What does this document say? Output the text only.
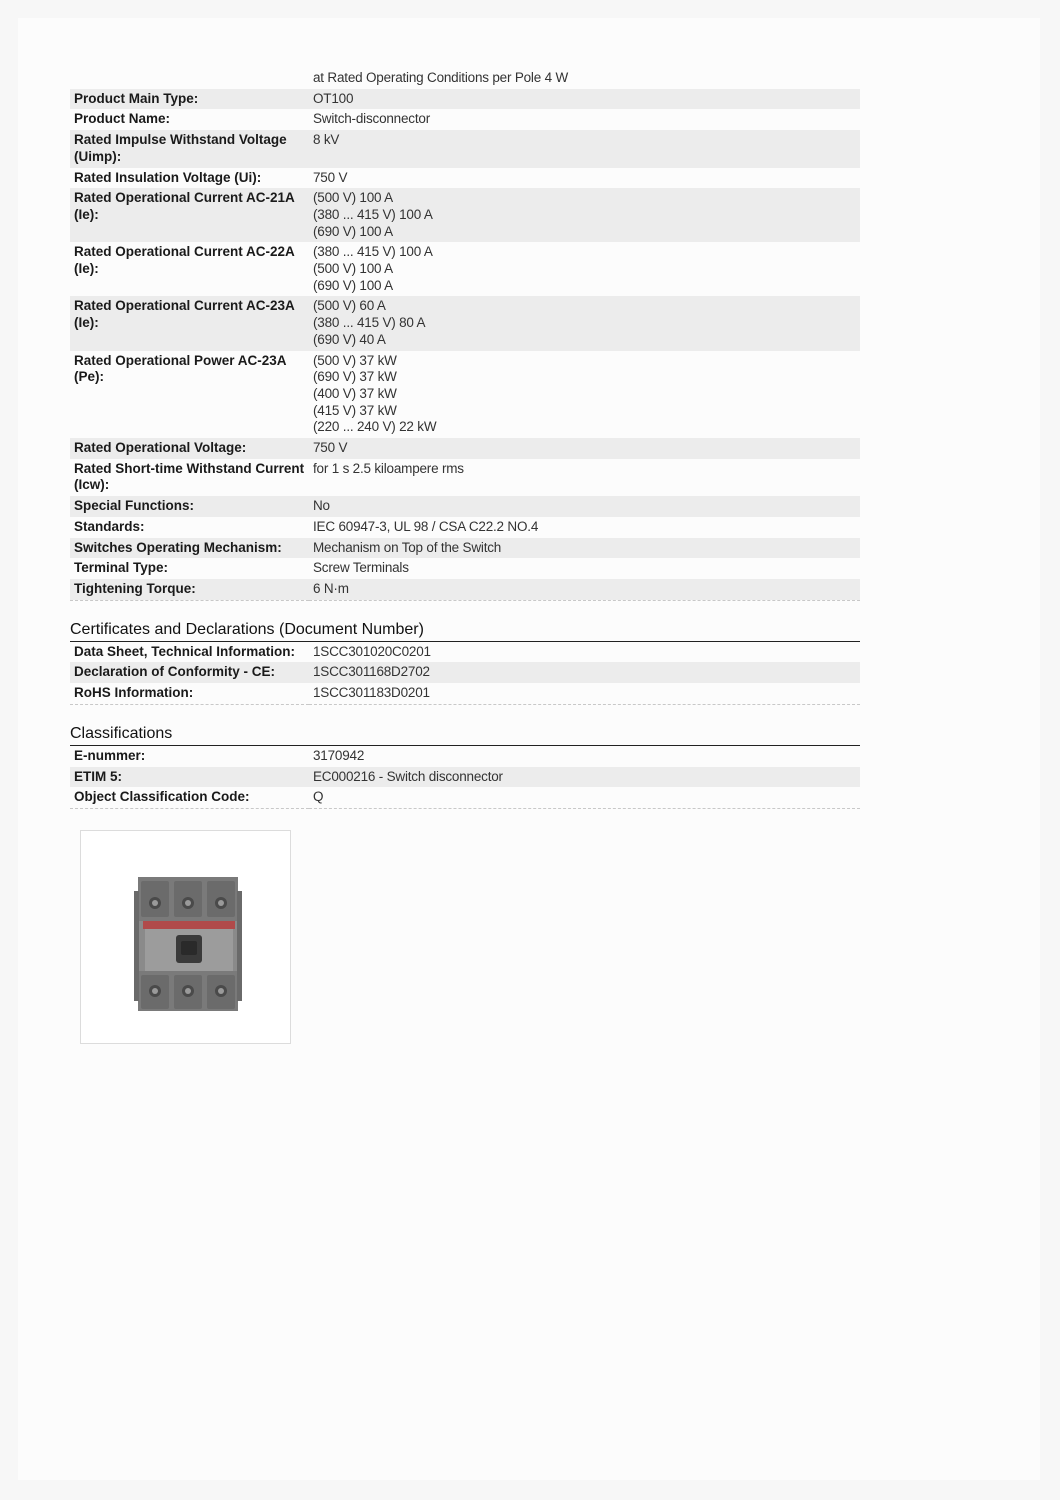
	at Rated Operating Conditions per Pole 4 W
Product Main Type:	OT100
Product Name:	Switch-disconnector
Rated Impulse Withstand Voltage (Uimp):	8 kV
Rated Insulation Voltage (Ui):	750 V
Rated Operational Current AC-21A (Ie):	(500 V) 100 A
(380 ... 415 V) 100 A
(690 V) 100 A

Rated Operational Current AC-22A (Ie):	(380 ... 415 V) 100 A
(500 V) 100 A
(690 V) 100 A

Rated Operational Current AC-23A (Ie):	(500 V) 60 A
(380 ... 415 V) 80 A
(690 V) 40 A

Rated Operational Power AC-23A (Pe):	(500 V) 37 kW
(690 V) 37 kW
(400 V) 37 kW
(415 V) 37 kW
(220 ... 240 V) 22 kW

Rated Operational Voltage:	750 V
Rated Short-time Withstand Current (Icw):	for 1 s 2.5 kiloampere rms
Special Functions:	No
Standards:	IEC 60947-3, UL 98 / CSA C22.2 NO.4
Switches Operating Mechanism:	Mechanism on Top of the Switch
Terminal Type:	Screw Terminals
Tightening Torque:	6 N·m
Certificates and Declarations (Document Number)
Data Sheet, Technical Information:	1SCC301020C0201
Declaration of Conformity - CE:	1SCC301168D2702
RoHS Information:	1SCC301183D0201
Classifications
E-nummer:	3170942
ETIM 5:	EC000216 - Switch disconnector
Object Classification Code:	Q
